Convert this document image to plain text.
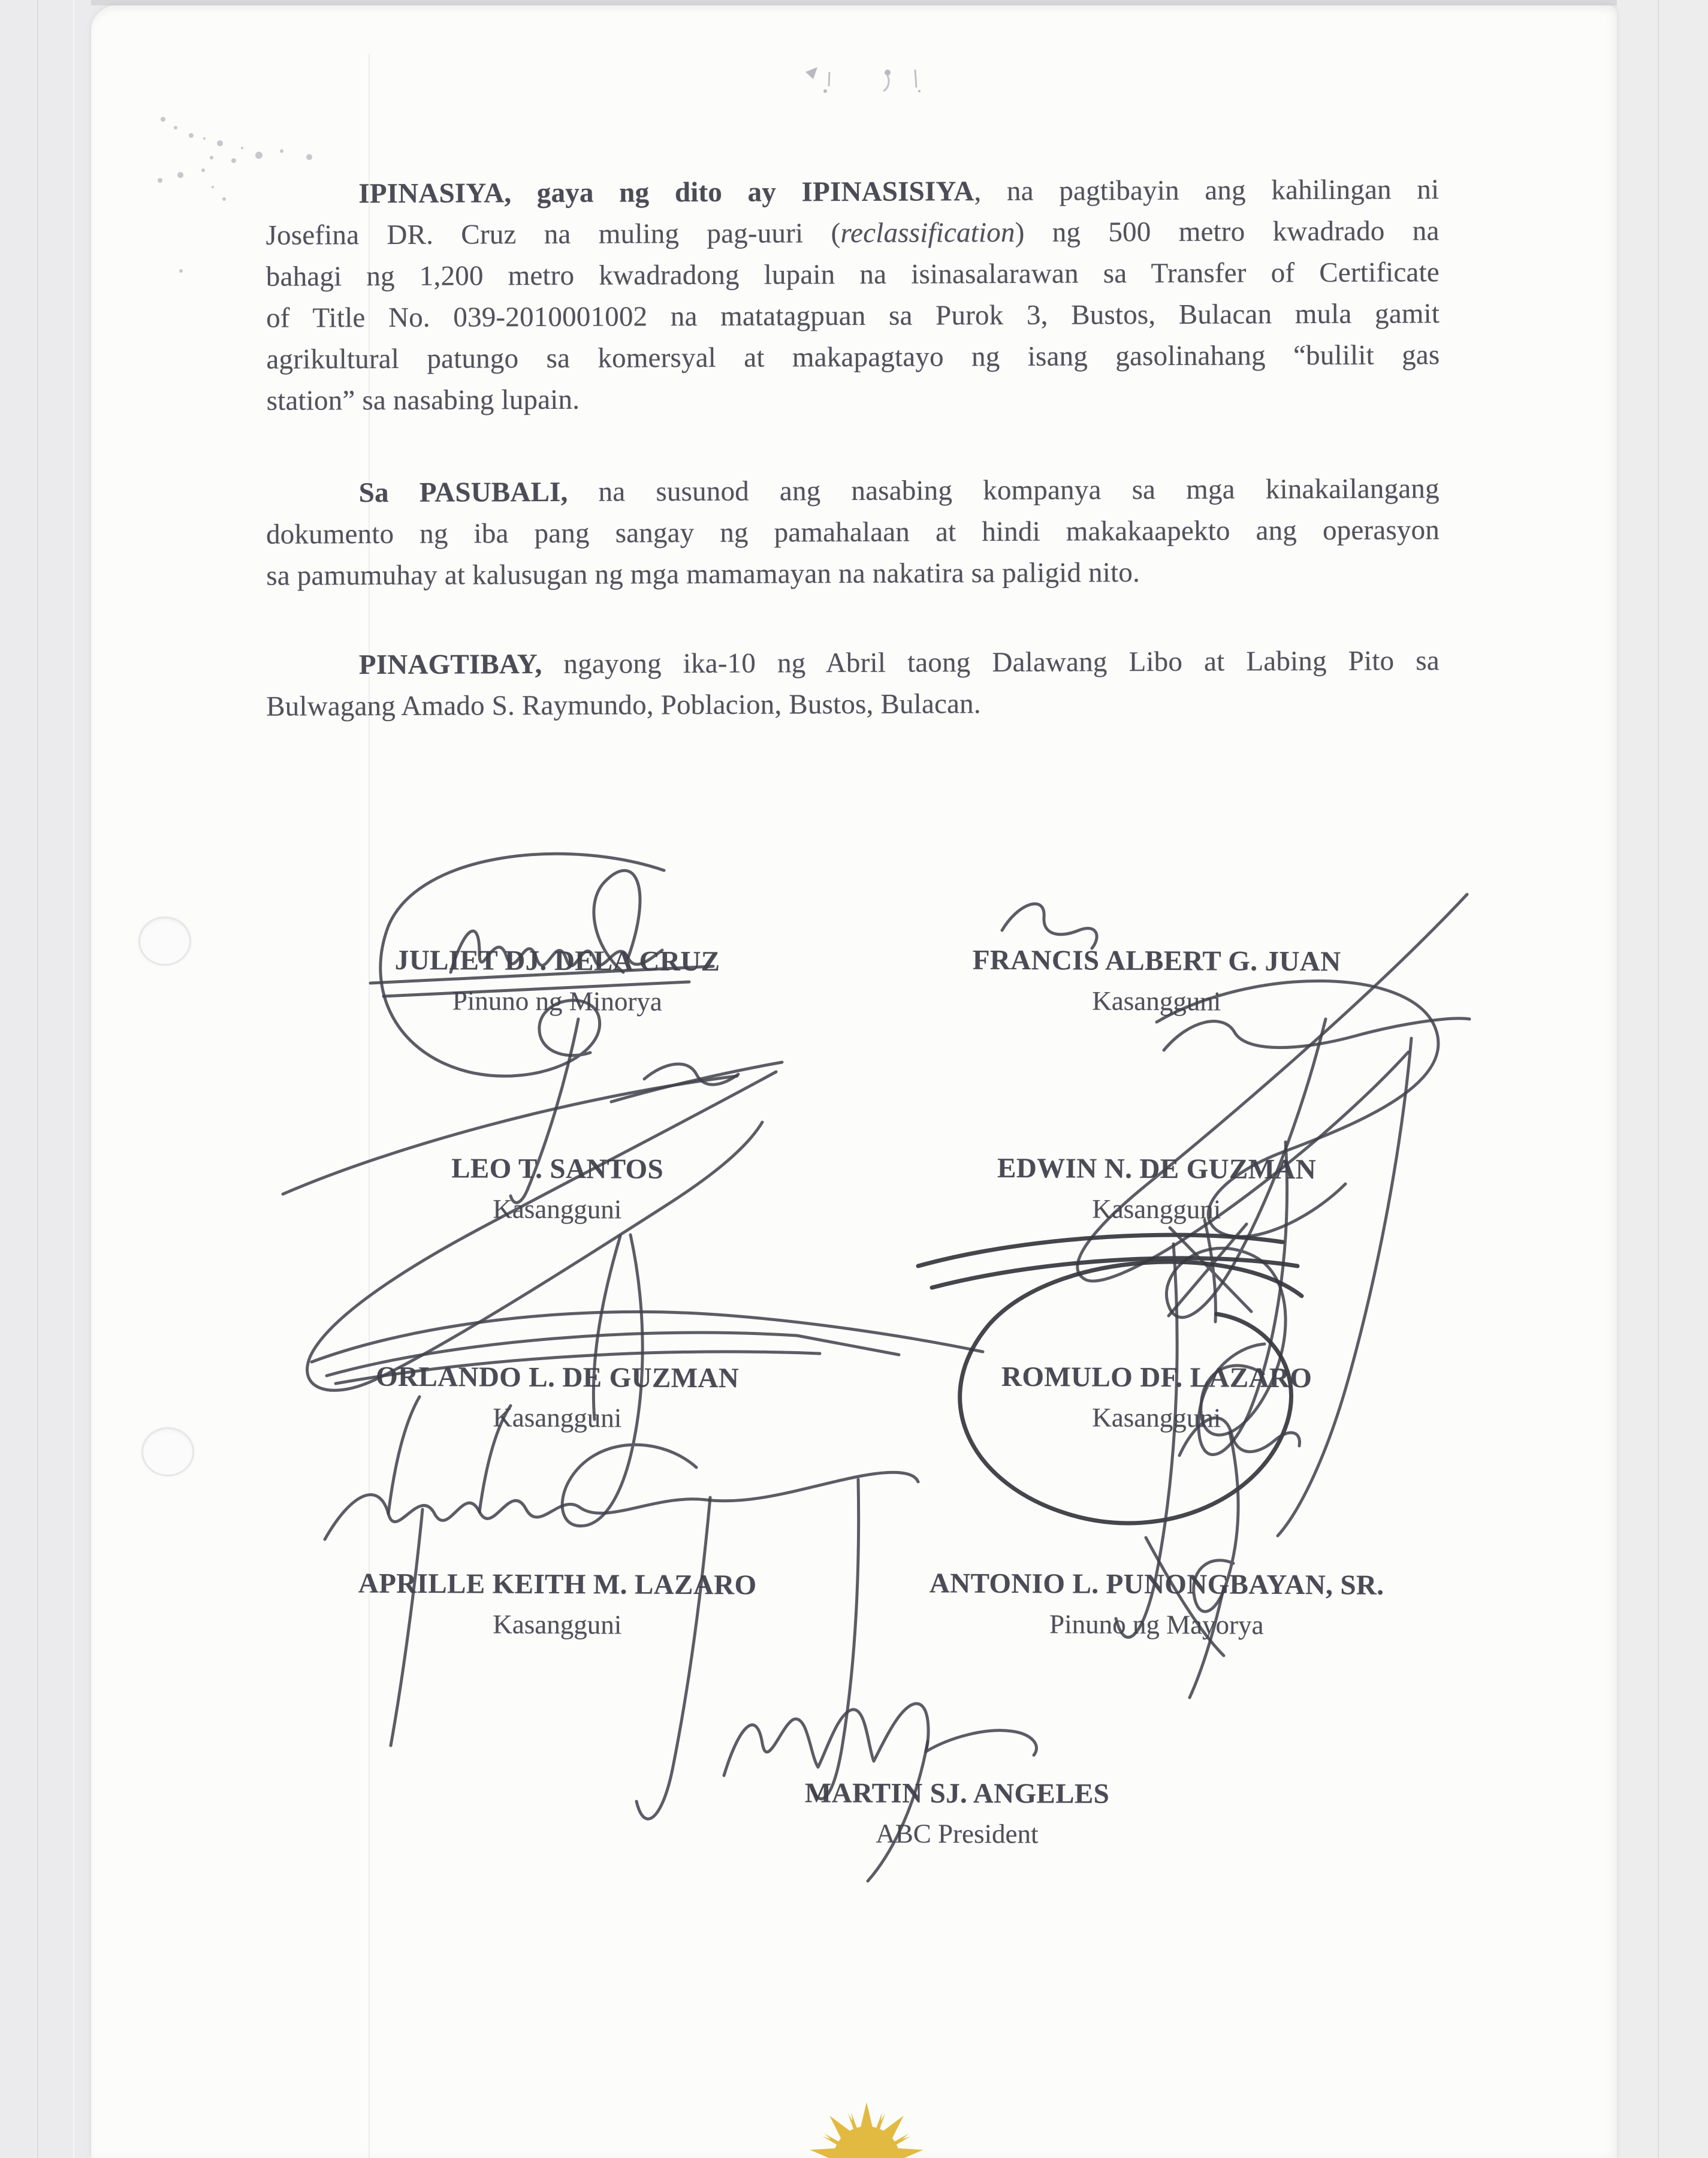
IPINASIYA, gaya ng dito ay IPINASISIYA, na pagtibayin ang kahilingan ni
Josefina DR. Cruz na muling pag-uuri (reclassification) ng 500 metro kwadrado na
bahagi ng 1,200 metro kwadradong lupain na isinasalarawan sa Transfer of Certificate
of Title No. 039-2010001002 na matatagpuan sa Purok 3, Bustos, Bulacan mula gamit
agrikultural patungo sa komersyal at makapagtayo ng isang gasolinahang “bulilit gas
station” sa nasabing lupain.
Sa PASUBALI, na susunod ang nasabing kompanya sa mga kinakailangang
dokumento ng iba pang sangay ng pamahalaan at hindi makakaapekto ang operasyon
sa pamumuhay at kalusugan ng mga mamamayan na nakatira sa paligid nito.
PINAGTIBAY, ngayong ika-10 ng Abril taong Dalawang Libo at Labing Pito sa
Bulwagang Amado S. Raymundo, Poblacion, Bustos, Bulacan.
JULIET DJ. DELA CRUZ
Pinuno ng Minorya
FRANCIS ALBERT G. JUAN
Kasangguni
LEO T. SANTOS
Kasangguni
EDWIN N. DE GUZMAN
Kasangguni
ORLANDO L. DE GUZMAN
Kasangguni
ROMULO DF. LAZARO
Kasangguni
APRILLE KEITH M. LAZARO
Kasangguni
ANTONIO L. PUNONGBAYAN, SR.
Pinuno ng Mayorya
MARTIN SJ. ANGELES
ABC President
